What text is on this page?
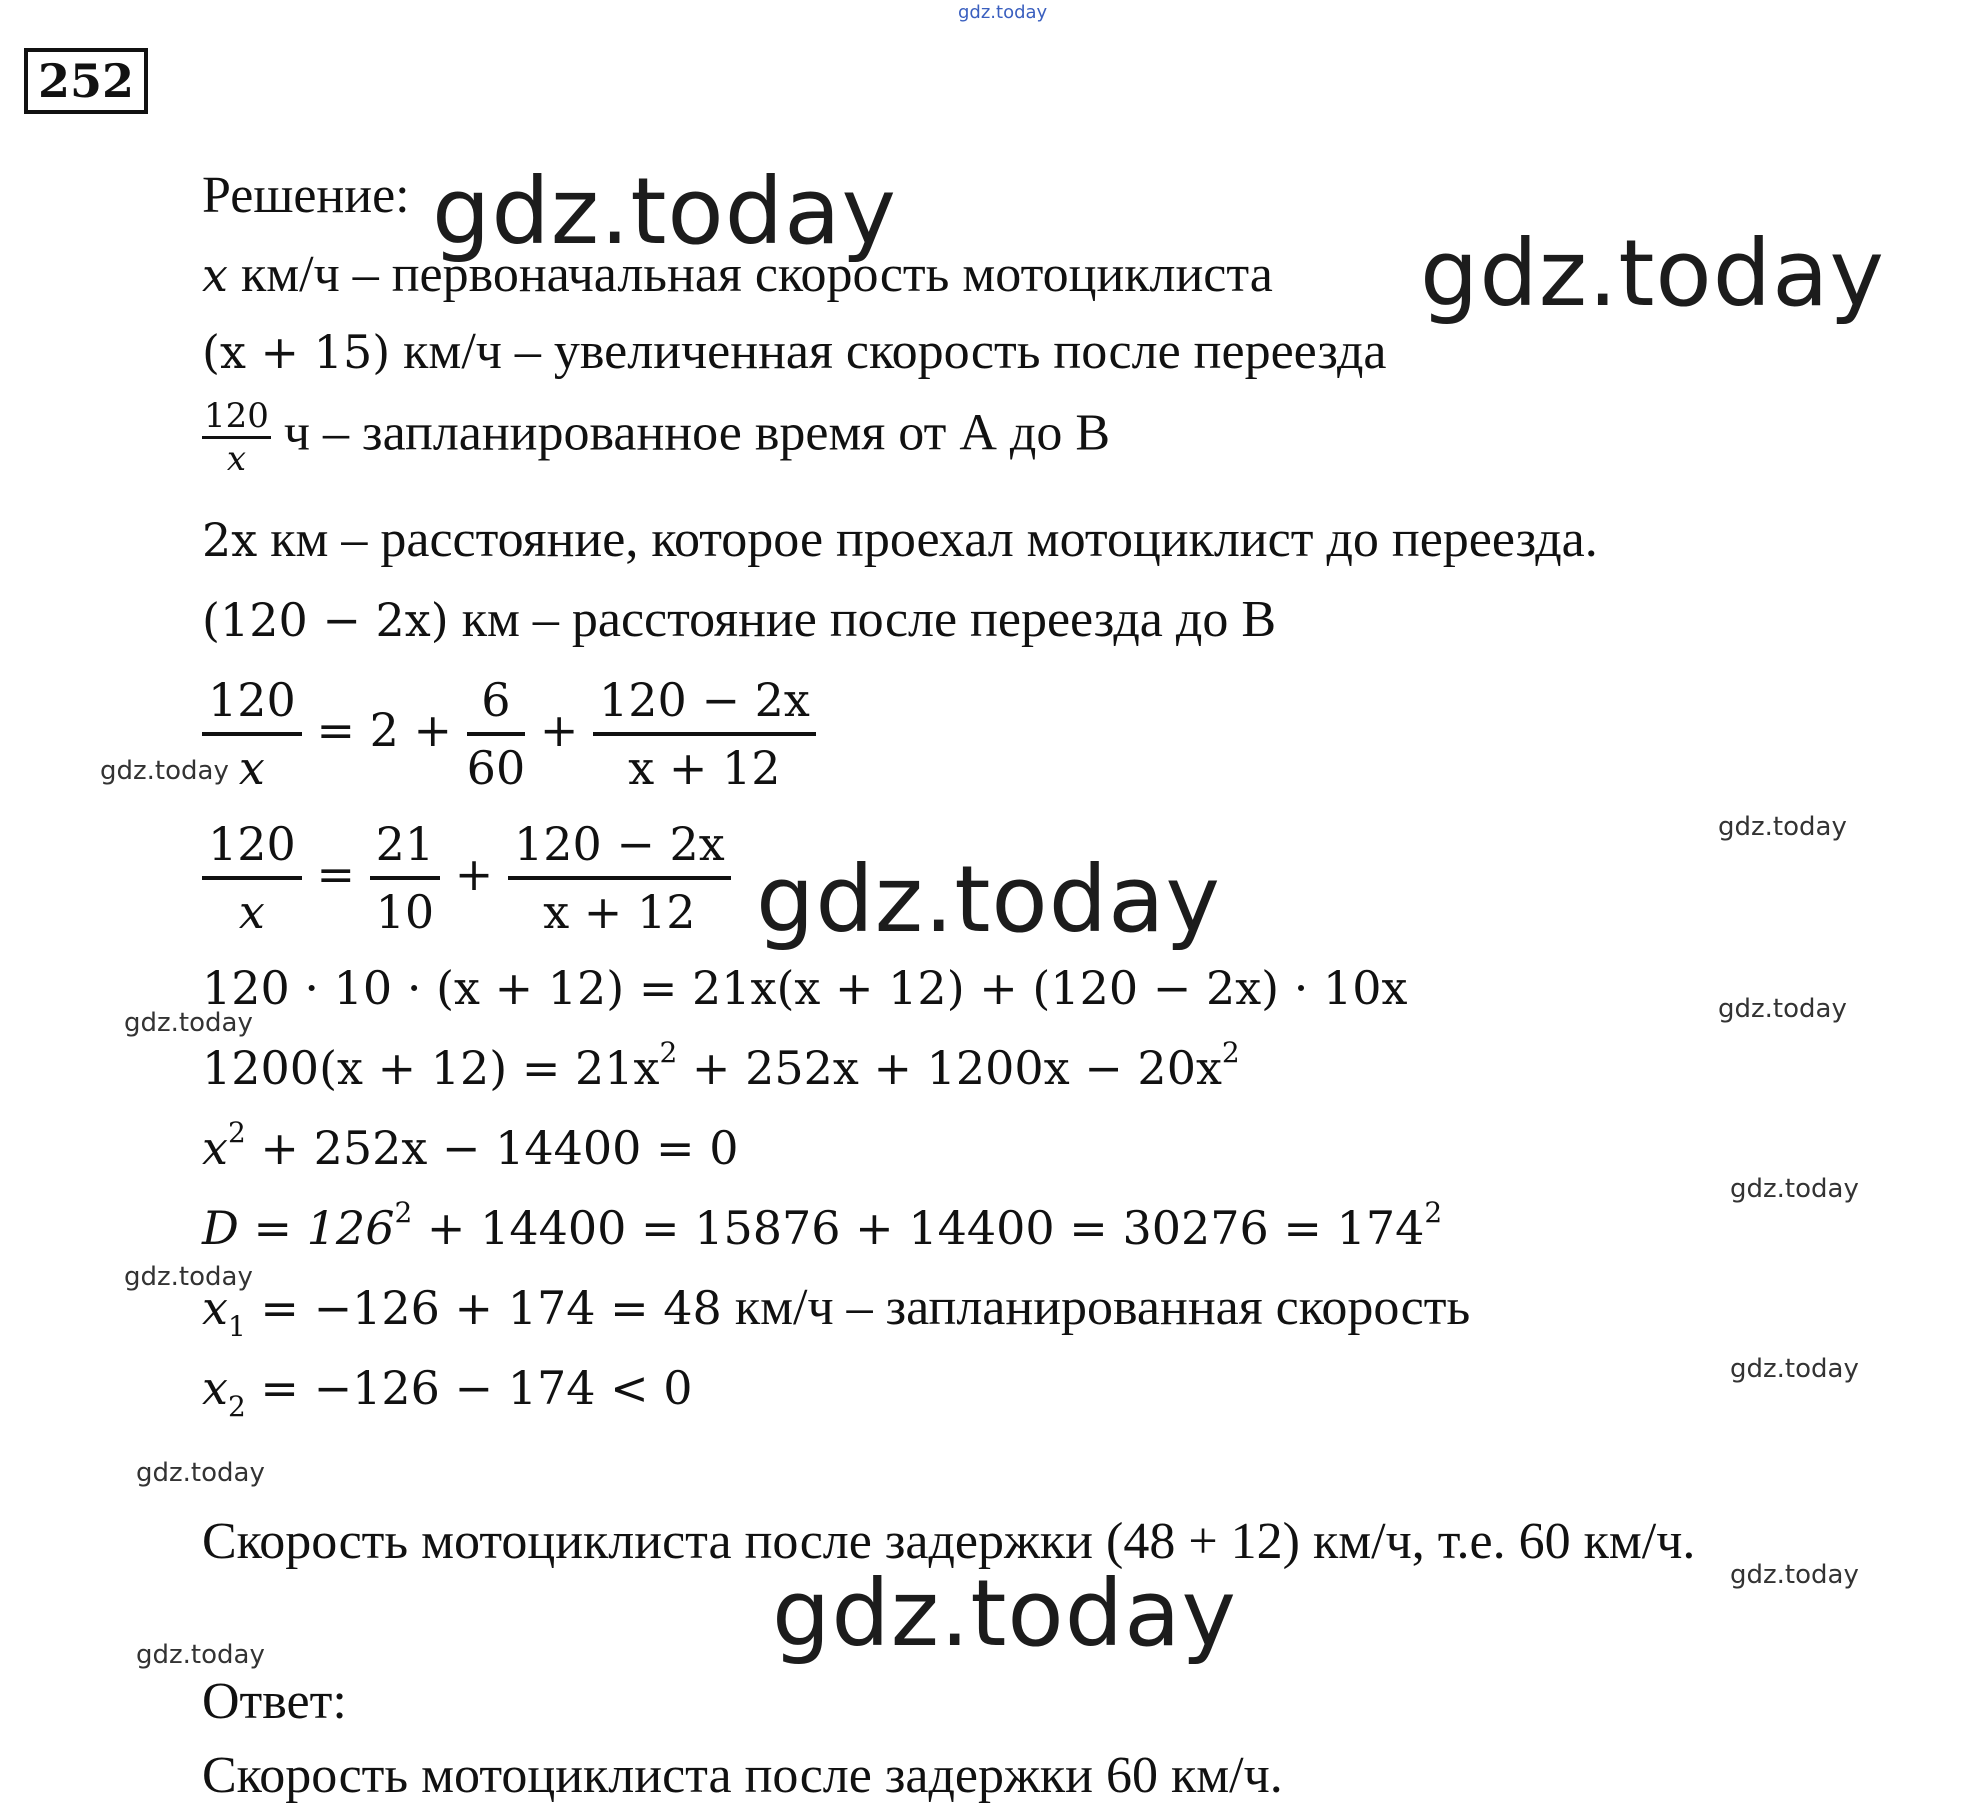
gdz.today
252
Решение:
x км/ч – первоначальная скорость мотоциклиста
(x + 15) км/ч – увеличенная скорость после переезда
$\frac{120}{x}$ ч – запланированное время от А до В
2x км – расстояние, которое проехал мотоциклист до переезда.
(120 − 2x) км – расстояние после переезда до В
$\frac{120}{x} = 2 + \frac{6}{60} + \frac{120 - 2x}{x + 12}$
$\frac{120}{x} = \frac{21}{10} + \frac{120 - 2x}{x + 12}$
120 · 10 · (x + 12) = 21x(x + 12) + (120 − 2x) · 10x
$1200(x + 12) = 21x^2 + 252x + 1200x - 20x^2$
$x^2 + 252x - 14400 = 0$
$D = 126^2 + 14400 = 15876 + 14400 = 30276 = 174^2$
$x_1 = -126 + 174 = 48$ км/ч – запланированная скорость
$x_2 = -126 - 174 < 0$
Скорость мотоциклиста после задержки (48 + 12) км/ч, т.е. 60 км/ч.
Ответ:
Скорость мотоциклиста после задержки 60 км/ч.
gdz.today
gdz.today
gdz.today
gdz.today
gdz.today
gdz.today
gdz.today	gdz.today
gdz.today
gdz.today
gdz.today
gdz.today
gdz.today
gdz.today
